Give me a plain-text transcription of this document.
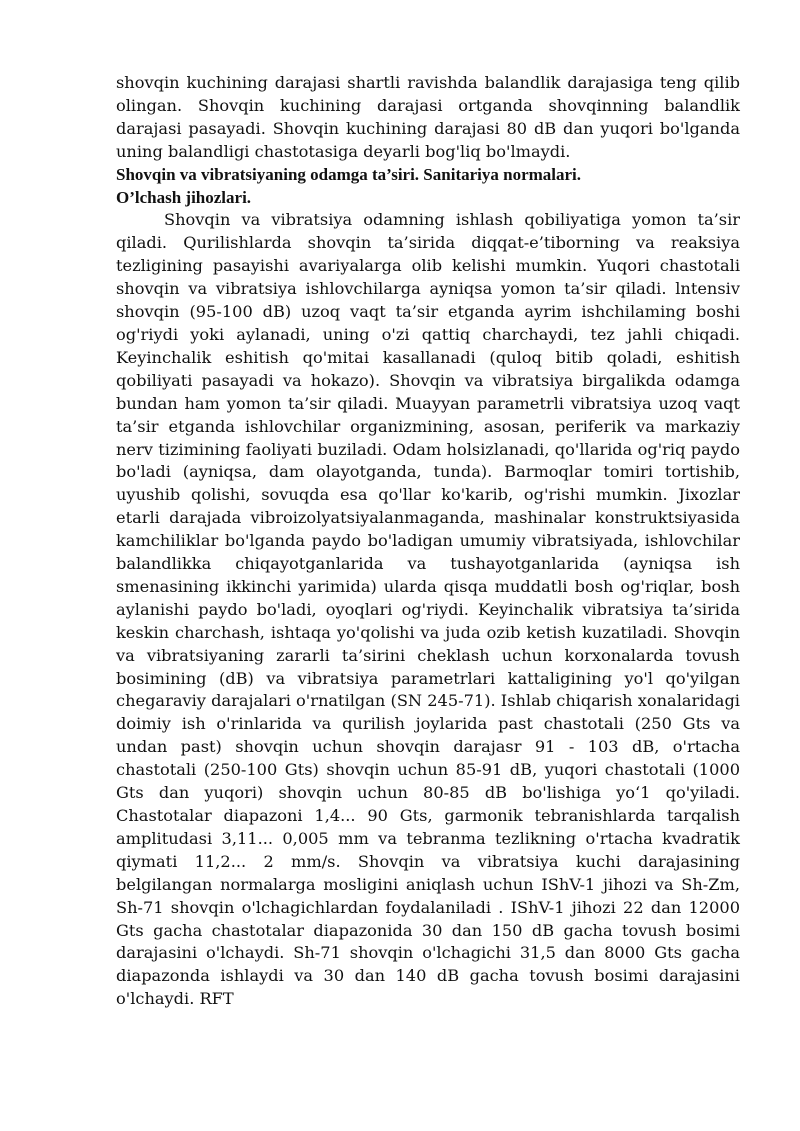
shovqin kuchining darajasi shartli ravishda balandlik darajasiga teng qilib olingan. Shovqin kuchining darajasi ortganda shovqinning balandlik darajasi pasayadi. Shovqin kuchining darajasi 80 dB dan yuqori bo'lganda uning balandligi chastotasiga deyarli bog'liq bo'lmaydi.

Shovqin va vibratsiyaning odamga ta’siri. Sanitariya normalari.

O’lchash jihozlari.

Shovqin va vibratsiya odamning ishlash qobiliyatiga yomon ta’sir qiladi. Qurilishlarda shovqin ta’sirida diqqat-e’tiborning va reaksiya tezligining pasayishi avariyalarga olib kelishi mumkin. Yuqori chastotali shovqin va vibratsiya ishlovchilarga ayniqsa yomon ta’sir qiladi. lntensiv shovqin (95-100 dB) uzoq vaqt ta’sir etganda ayrim ishchilaming boshi og'riydi yoki aylanadi, uning o'zi qattiq charchaydi, tez jahli chiqadi. Keyinchalik eshitish qo'mitai kasallanadi (quloq bitib qoladi, eshitish qobiliyati pasayadi va hokazo). Shovqin va vibratsiya birgalikda odamga bundan ham yomon ta’sir qiladi. Muayyan parametrli vibratsiya uzoq vaqt ta’sir etganda ishlovchilar organizmining, asosan, periferik va markaziy nerv tizimining faoliyati buziladi. Odam holsizlanadi, qo'llarida og'riq paydo bo'ladi (ayniqsa, dam olayotganda, tunda). Barmoqlar tomiri tortishib, uyushib qolishi, sovuqda esa qo'llar ko'karib, og'rishi mumkin. Jixozlar etarli darajada vibroizolyatsiyalanmaganda, mashinalar konstruktsiyasida kamchiliklar bo'lganda paydo bo'ladigan umumiy vibratsiyada, ishlovchilar balandlikka chiqayotganlarida va tushayotganlarida (ayniqsa ish smenasining ikkinchi yarimida) ularda qisqa muddatli bosh og'riqlar, bosh aylanishi paydo bo'ladi, oyoqlari og'riydi. Keyinchalik vibratsiya ta’sirida keskin charchash, ishtaqa yo'qolishi va juda ozib ketish kuzatiladi. Shovqin va vibratsiyaning zararli ta’sirini cheklash uchun korxonalarda tovush bosimining (dB) va vibratsiya parametrlari kattaligining yo'l qo'yilgan chegaraviy darajalari o'rnatilgan (SN 245-71). Ishlab chiqarish xonalaridagi doimiy ish o'rinlarida va qurilish joylarida past chastotali (250 Gts va undan past) shovqin uchun shovqin darajasr 91 - 103 dB, o'rtacha chastotali (250-100 Gts) shovqin uchun 85-91 dB, yuqori chastotali (1000 Gts dan yuqori) shovqin uchun 80-85 dB bo'lishiga yo‘1 qo'yiladi. Chastotalar diapazoni 1,4... 90 Gts, garmonik tebranishlarda tarqalish amplitudasi 3,11... 0,005 mm va tebranma tezlikning o'rtacha kvadratik qiymati 11,2... 2 mm/s. Shovqin va vibratsiya kuchi darajasining belgilangan normalarga mosligini aniqlash uchun IShV-1 jihozi va Sh-Zm, Sh-71 shovqin o'lchagichlardan foydalaniladi . IShV-1 jihozi 22 dan 12000 Gts gacha chastotalar diapazonida 30 dan 150 dB gacha tovush bosimi darajasini o'lchaydi. Sh-71 shovqin o'lchagichi 31,5 dan 8000 Gts gacha diapazonda ishlaydi va 30 dan 140 dB gacha tovush bosimi darajasini o'lchaydi. RFT
